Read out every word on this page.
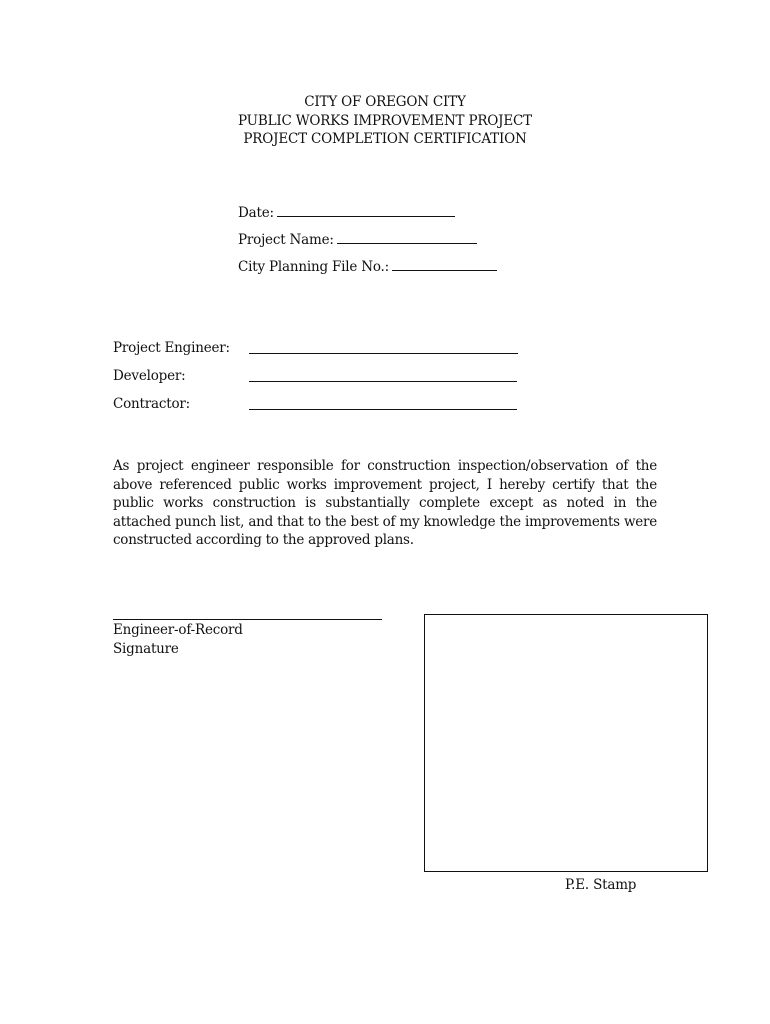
CITY OF OREGON CITY
PUBLIC WORKS IMPROVEMENT PROJECT
PROJECT COMPLETION CERTIFICATION
Date:
Project Name:
City Planning File No.:
Project Engineer:
Developer:
Contractor:
As project engineer responsible for construction inspection/observation of the above referenced public works improvement project, I hereby certify that the public works construction is substantially complete except as noted in the attached punch list, and that to the best of my knowledge the improvements were constructed according to the approved plans.
Engineer-of-Record
Signature
P.E. Stamp
